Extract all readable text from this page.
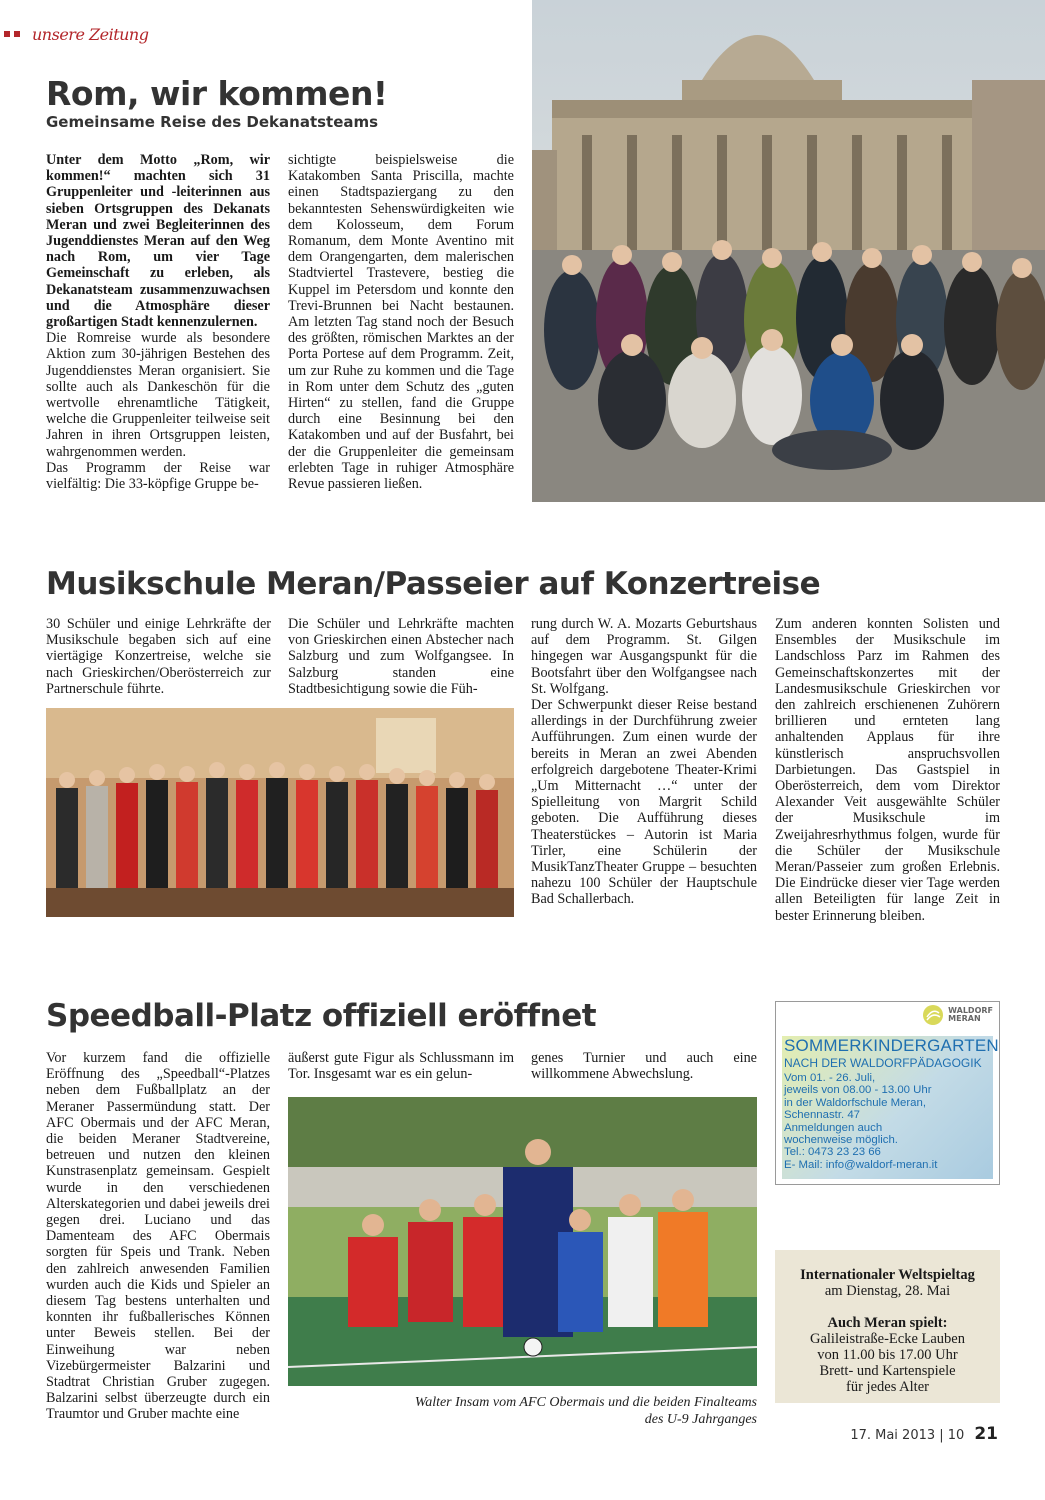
unsere Zeitung
Rom, wir kommen!
Gemeinsame Reise des Dekanatsteams

Unter dem Motto „Rom, wir kommen!“ machten sich 31 Gruppenleiter und -leiterinnen aus sieben Ortsgruppen des Dekanats Meran und zwei Begleiterinnen des Jugenddienstes Meran auf den Weg nach Rom, um vier Tage Gemeinschaft zu erleben, als Dekanatsteam zusammenzuwachsen und die Atmosphäre dieser großartigen Stadt kennenzulernen.

Die Romreise wurde als besondere Aktion zum 30-jährigen Bestehen des Jugenddienstes Meran organisiert. Sie sollte auch als Dankeschön für die wertvolle ehrenamtliche Tätigkeit, welche die Gruppenleiter teilweise seit Jahren in ihren Ortsgruppen leisten, wahrgenommen werden.

Das Programm der Reise war vielfältig: Die 33-köpfige Gruppe be-

sichtigte beispielsweise die Katakomben Santa Priscilla, machte einen Stadtspaziergang zu den bekanntesten Sehenswürdigkeiten wie dem Kolosseum, dem Forum Romanum, dem Monte Aventino mit dem Orangengarten, dem malerischen Stadtviertel Trastevere, bestieg die Kuppel im Petersdom und konnte den Trevi-Brunnen bei Nacht bestaunen. Am letzten Tag stand noch der Besuch des größten, römischen Marktes an der Porta Portese auf dem Programm. Zeit, um zur Ruhe zu kommen und die Tage in Rom unter dem Schutz des „guten Hirten“ zu stellen, fand die Gruppe durch eine Besinnung bei den Katakomben und auf der Busfahrt, bei der die Gruppenleiter die gemeinsam erlebten Tage in ruhiger Atmosphäre Revue passieren ließen.

Musikschule Meran/Passeier auf Konzertreise

30 Schüler und einige Lehrkräfte der Musikschule begaben sich auf eine viertägige Konzertreise, welche sie nach Grieskirchen/Oberösterreich zur Partnerschule führte.

Die Schüler und Lehrkräfte machten von Grieskirchen einen Abstecher nach Salzburg und zum Wolfgangsee. In Salzburg standen eine Stadtbesichtigung sowie die Füh-

rung durch W. A. Mozarts Geburtshaus auf dem Programm. St. Gilgen hingegen war Ausgangspunkt für die Bootsfahrt über den Wolfgangsee nach St. Wolfgang.

Der Schwerpunkt dieser Reise bestand allerdings in der Durchführung zweier Aufführungen. Zum einen wurde der bereits in Meran an zwei Abenden erfolgreich dargebotene Theater-Krimi „Um Mitternacht …“ unter der Spielleitung von Margrit Schild geboten. Die Aufführung dieses Theaterstückes – Autorin ist Maria Tirler, eine Schülerin der MusikTanzTheater Gruppe – besuchten nahezu 100 Schüler der Hauptschule Bad Schallerbach.

Zum anderen konnten Solisten und Ensembles der Musikschule im Landschloss Parz im Rahmen des Gemeinschaftskonzertes mit der Landesmusikschule Grieskirchen vor den zahlreich erschienenen Zuhörern brillieren und ernteten lang anhaltenden Applaus für ihre künstlerisch anspruchsvollen Darbietungen. Das Gastspiel in Oberösterreich, dem vom Direktor Alexander Veit ausgewählte Schüler der Musikschule im Zweijahresrhythmus folgen, wurde für die Schüler der Musikschule Meran/Passeier zum großen Erlebnis. Die Eindrücke dieser vier Tage werden allen Beteiligten für lange Zeit in bester Erinnerung bleiben.

Speedball-Platz offiziell eröffnet

Vor kurzem fand die offizielle Eröffnung des „Speedball“-Platzes neben dem Fußballplatz an der Meraner Passermündung statt. Der AFC Obermais und der AFC Meran, die beiden Meraner Stadtvereine, betreuen und nutzen den kleinen Kunstrasenplatz gemeinsam. Gespielt wurde in den verschiedenen Alterskategorien und dabei jeweils drei gegen drei. Luciano und das Damenteam des AFC Obermais sorgten für Speis und Trank. Neben den zahlreich anwesenden Familien wurden auch die Kids und Spieler an diesem Tag bestens unterhalten und konnten ihr fußballerisches Können unter Beweis stellen. Bei der Einweihung war neben Vizebürgermeister Balzarini und Stadtrat Christian Gruber zugegen. Balzarini selbst überzeugte durch ein Traumtor und Gruber machte eine

äußerst gute Figur als Schlussmann im Tor. Insgesamt war es ein gelun-

genes Turnier und auch eine willkommene Abwechslung.

Walter Insam vom AFC Obermais und die beiden Finalteams
des U-9 Jahrganges
WALDORF
MERAN
SOMMERKINDERGARTEN
NACH DER WALDORFPÄDAGOGIK
Vom 01. - 26. Juli,
jeweils von 08.00 - 13.00 Uhr
in der Waldorfschule Meran,
Schennastr. 47
Anmeldungen auch
wochenweise möglich.
Tel.: 0473 23 23 66
E- Mail: info@waldorf-meran.it
Internationaler Weltspieltag
am Dienstag, 28. Mai
Auch Meran spielt:
Galileistraße-Ecke Lauben
von 11.00 bis 17.00 Uhr
Brett- und Kartenspiele
für jedes Alter
17. Mai 2013 | 10 21
